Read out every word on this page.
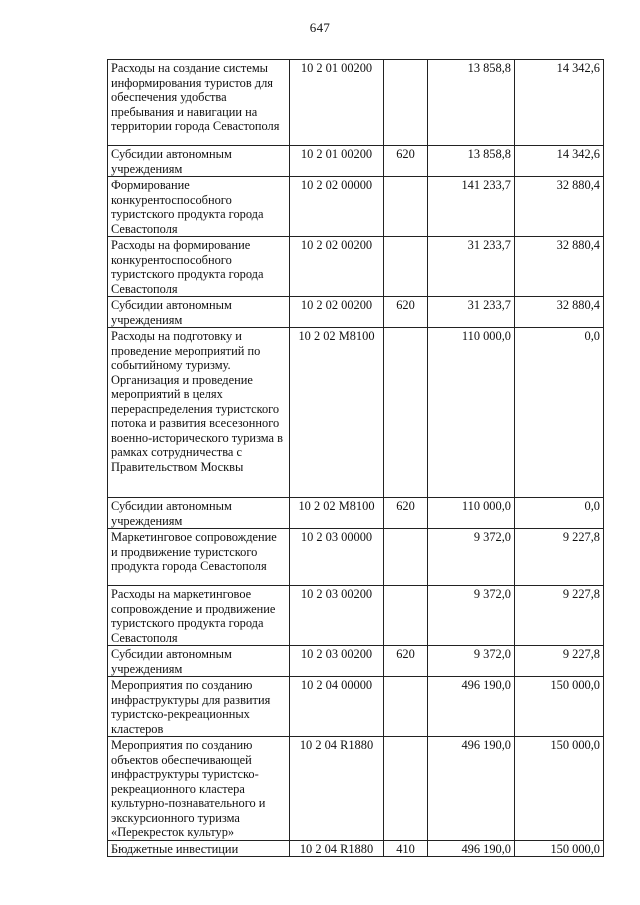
647
Расходы на создание системы информирования туристов для обеспечения удобства пребывания и навигации на территории города Севастополя	10 2 01 00200		13 858,8	14 342,6
Субсидии автономным учреждениям	10 2 01 00200	620	13 858,8	14 342,6
Формирование конкурентоспособного туристского продукта города Севастополя	10 2 02 00000		141 233,7	32 880,4
Расходы на формирование конкурентоспособного туристского продукта города Севастополя	10 2 02 00200		31 233,7	32 880,4
Субсидии автономным учреждениям	10 2 02 00200	620	31 233,7	32 880,4
Расходы на подготовку и проведение мероприятий по событийному туризму. Организация и проведение мероприятий в целях перераспределения туристского потока и развития всесезонного военно-исторического туризма в рамках сотрудничества с Правительством Москвы	10 2 02 М8100		110 000,0	0,0
Субсидии автономным учреждениям	10 2 02 М8100	620	110 000,0	0,0
Маркетинговое сопровождение и продвижение туристского продукта города Севастополя	10 2 03 00000		9 372,0	9 227,8
Расходы на маркетинговое сопровождение и продвижение туристского продукта города Севастополя	10 2 03 00200		9 372,0	9 227,8
Субсидии автономным учреждениям	10 2 03 00200	620	9 372,0	9 227,8
Мероприятия по созданию инфраструктуры для развития туристско-рекреационных кластеров	10 2 04 00000		496 190,0	150 000,0
Мероприятия по созданию объектов обеспечивающей инфраструктуры туристско-рекреационного кластера культурно-познавательного и экскурсионного туризма «Перекресток культур»	10 2 04 R1880		496 190,0	150 000,0
Бюджетные инвестиции	10 2 04 R1880	410	496 190,0	150 000,0
